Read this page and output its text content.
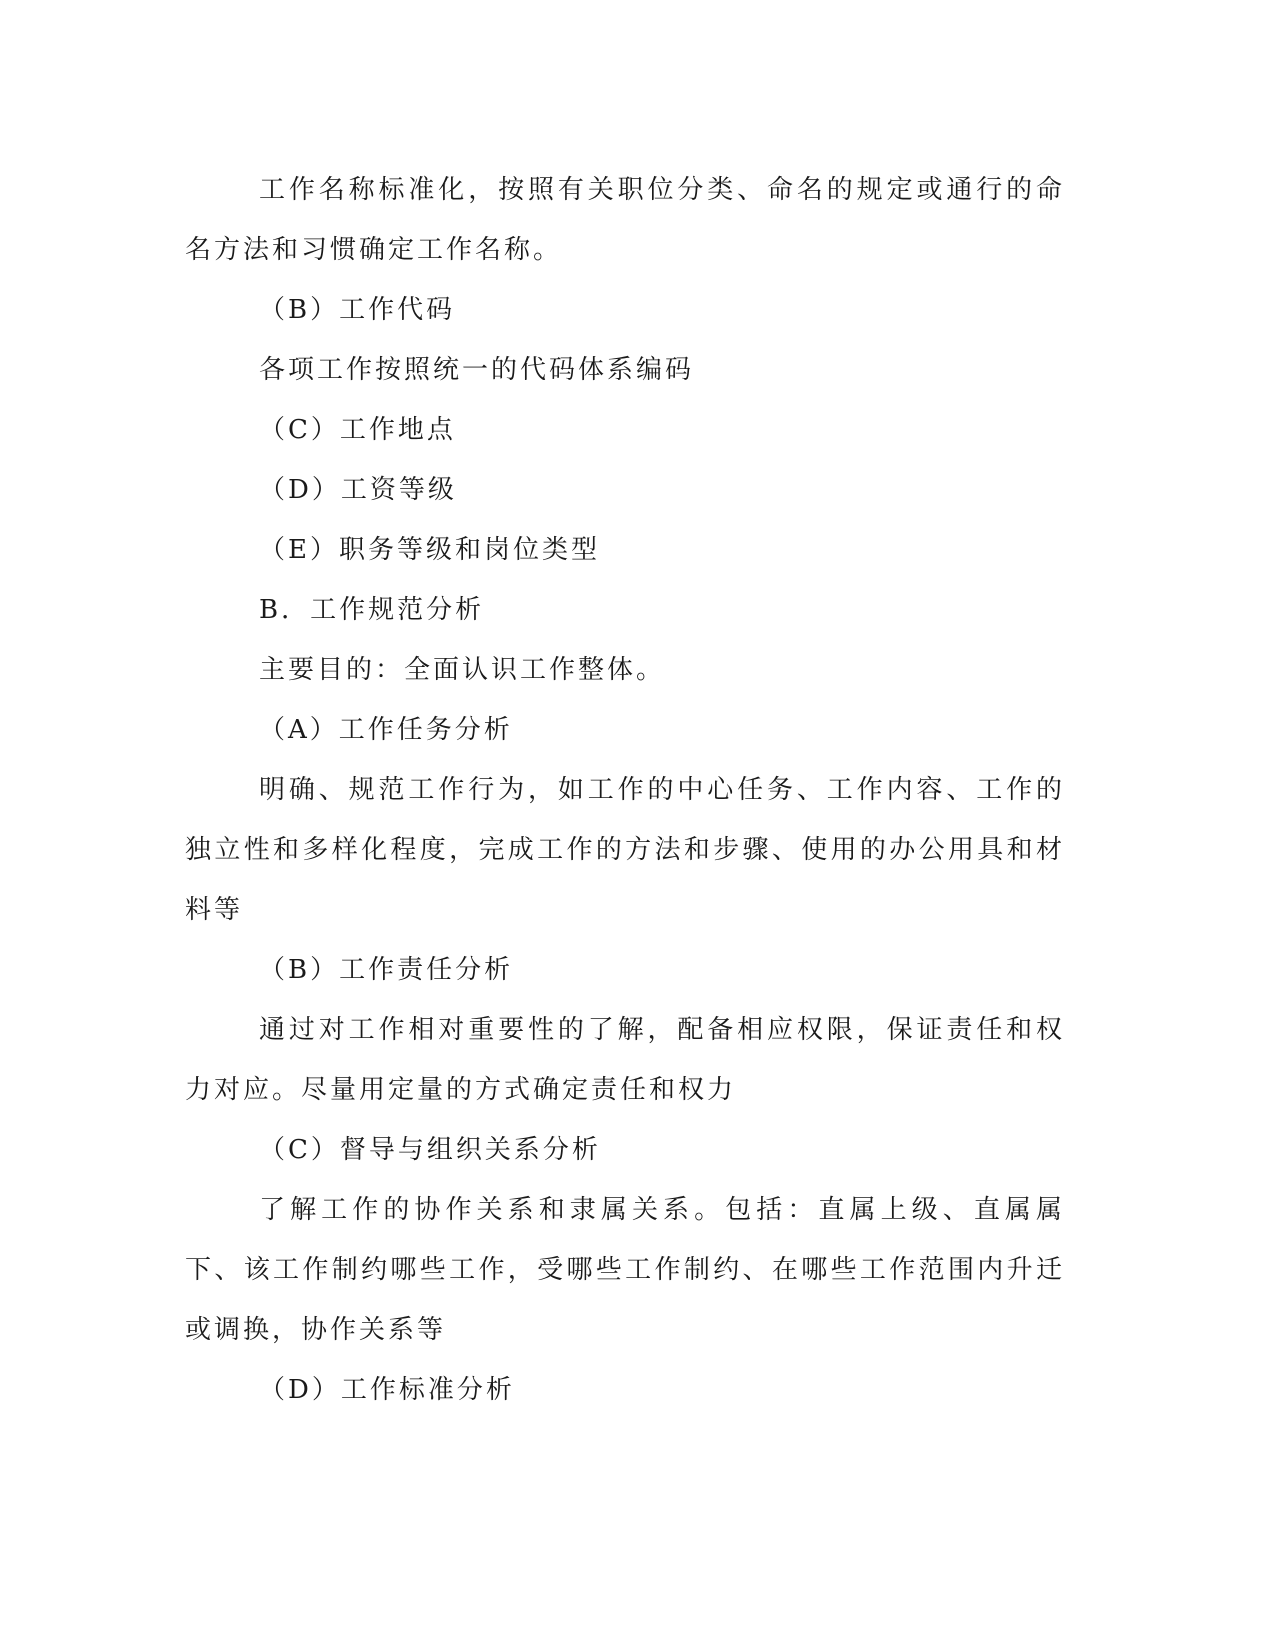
工作名称标准化，按照有关职位分类、命名的规定或通行的命名方法和习惯确定工作名称。

（B）工作代码

各项工作按照统一的代码体系编码

（C）工作地点

（D）工资等级

（E）职务等级和岗位类型

B．工作规范分析

主要目的：全面认识工作整体。

（A）工作任务分析

明确、规范工作行为，如工作的中心任务、工作内容、工作的独立性和多样化程度，完成工作的方法和步骤、使用的办公用具和材料等

（B）工作责任分析

通过对工作相对重要性的了解，配备相应权限，保证责任和权力对应。尽量用定量的方式确定责任和权力

（C）督导与组织关系分析

了解工作的协作关系和隶属关系。包括：直属上级、直属属下、该工作制约哪些工作，受哪些工作制约、在哪些工作范围内升迁或调换，协作关系等

（D）工作标准分析
